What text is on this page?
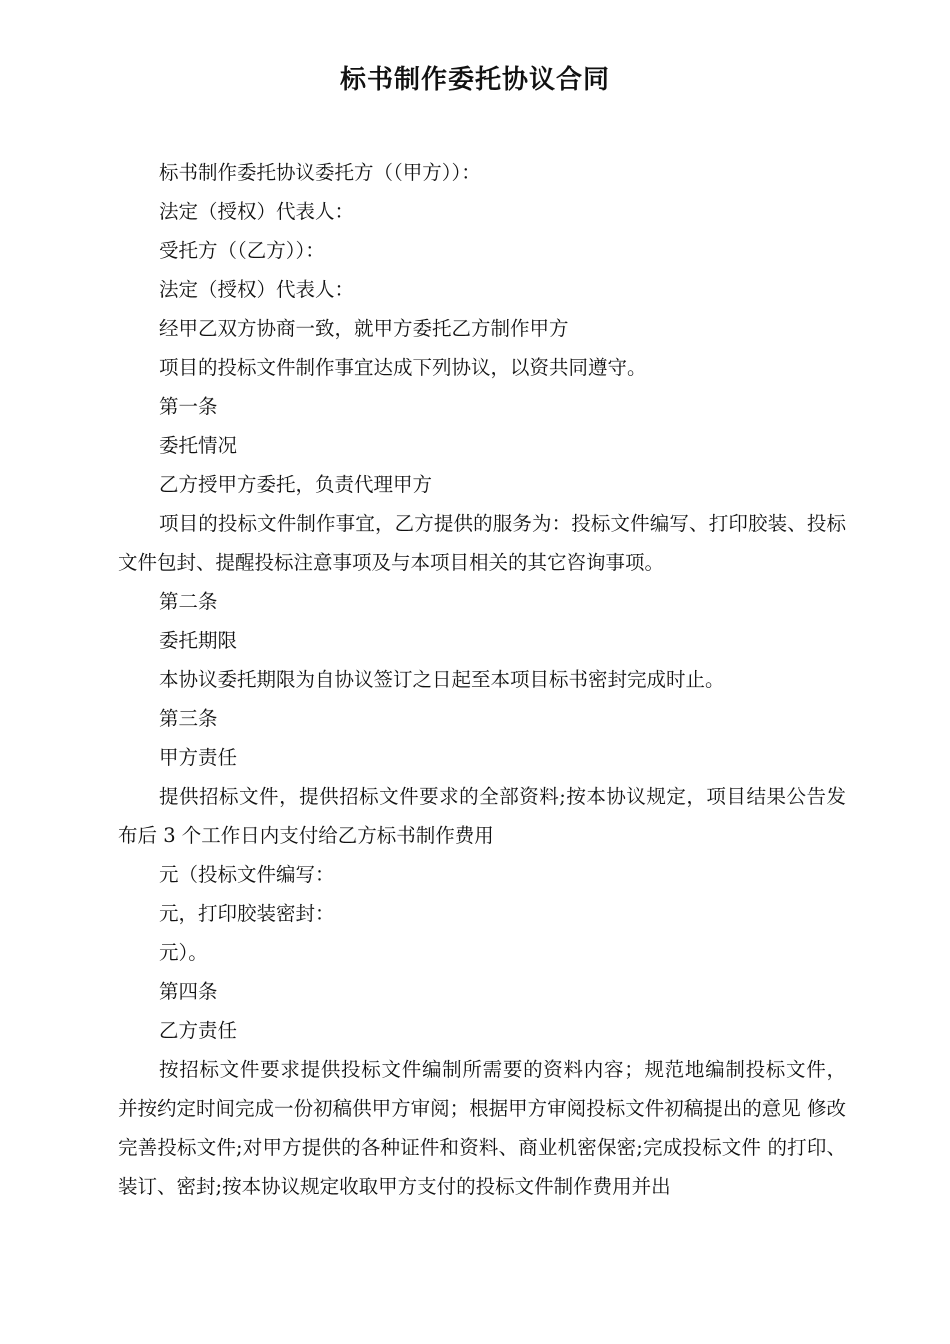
标书制作委托协议合同

标书制作委托协议委托方（（甲方））：

法定（授权）代表人：

受托方（（乙方））：

法定（授权）代表人：

经甲乙双方协商一致，就甲方委托乙方制作甲方

项目的投标文件制作事宜达成下列协议，以资共同遵守。

第一条

委托情况

乙方授甲方委托，负责代理甲方

项目的投标文件制作事宜，乙方提供的服务为：投标文件编写、打印胶装、投标文件包封、提醒投标注意事项及与本项目相关的其它咨询事项。

第二条

委托期限

本协议委托期限为自协议签订之日起至本项目标书密封完成时止。

第三条

甲方责任

提供招标文件，提供招标文件要求的全部资料;按本协议规定，项目结果公告发布后 3 个工作日内支付给乙方标书制作费用

元（投标文件编写：

元，打印胶装密封：

元）。

第四条

乙方责任

按招标文件要求提供投标文件编制所需要的资料内容；规范地编制投标文件， 并按约定时间完成一份初稿供甲方审阅；根据甲方审阅投标文件初稿提出的意见 修改完善投标文件;对甲方提供的各种证件和资料、商业机密保密;完成投标文件 的打印、装订、密封;按本协议规定收取甲方支付的投标文件制作费用并出
